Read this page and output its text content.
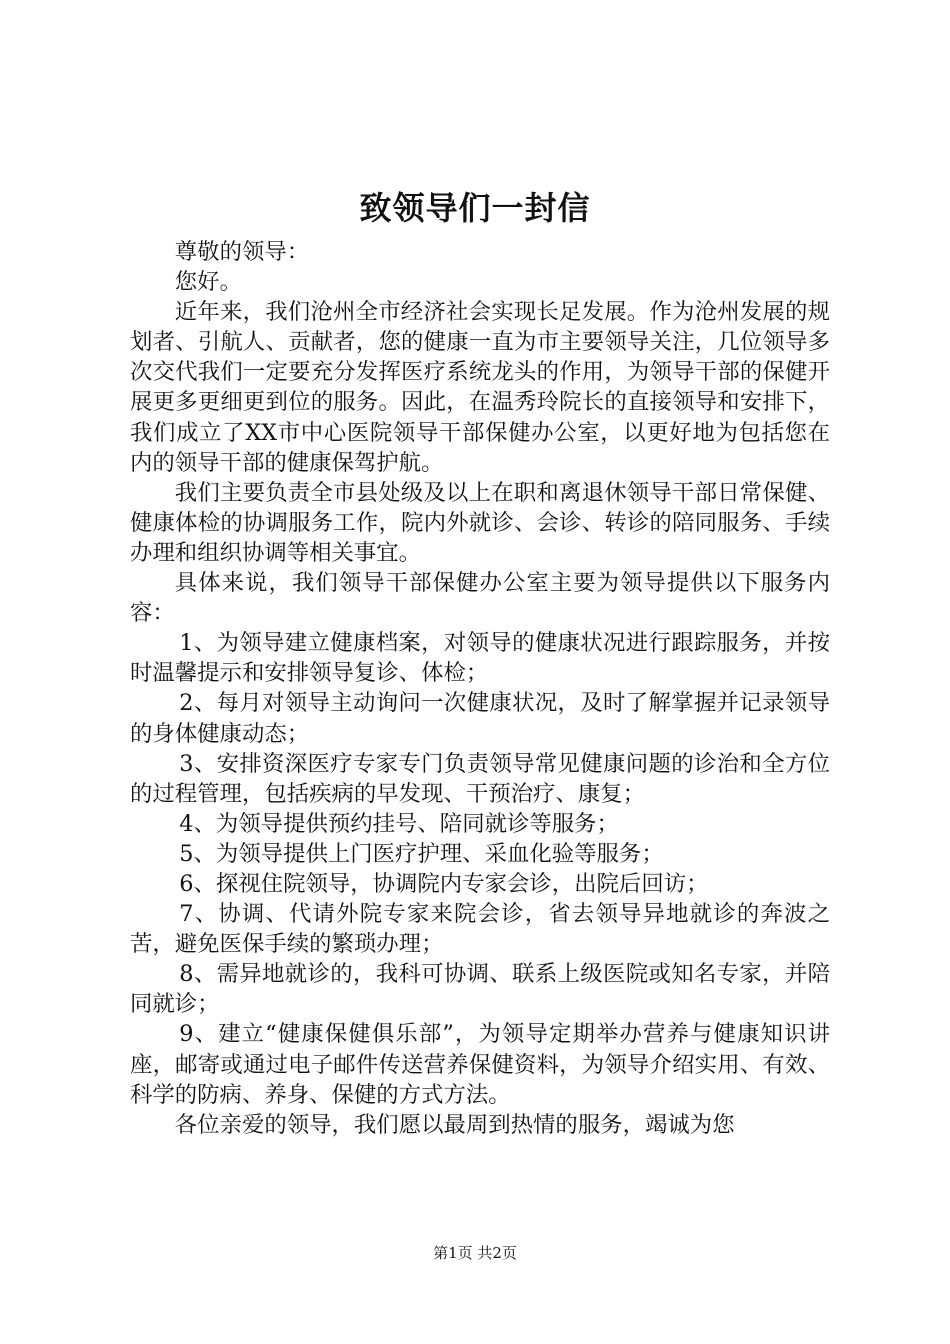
致领导们一封信

尊敬的领导：

您好。

近年来，我们沧州全市经济社会实现长足发展。作为沧州发展的规划者、引航人、贡献者，您的健康一直为市主要领导关注，几位领导多次交代我们一定要充分发挥医疗系统龙头的作用，为领导干部的保健开展更多更细更到位的服务。因此，在温秀玲院长的直接领导和安排下，我们成立了XX市中心医院领导干部保健办公室，以更好地为包括您在内的领导干部的健康保驾护航。

我们主要负责全市县处级及以上在职和离退休领导干部日常保健、健康体检的协调服务工作，院内外就诊、会诊、转诊的陪同服务、手续办理和组织协调等相关事宜。

具体来说，我们领导干部保健办公室主要为领导提供以下服务内容：

1、为领导建立健康档案，对领导的健康状况进行跟踪服务，并按时温馨提示和安排领导复诊、体检；

2、每月对领导主动询问一次健康状况，及时了解掌握并记录领导的身体健康动态；

3、安排资深医疗专家专门负责领导常见健康问题的诊治和全方位的过程管理，包括疾病的早发现、干预治疗、康复；

4、为领导提供预约挂号、陪同就诊等服务；

5、为领导提供上门医疗护理、采血化验等服务；

6、探视住院领导，协调院内专家会诊，出院后回访；

7、协调、代请外院专家来院会诊，省去领导异地就诊的奔波之苦，避免医保手续的繁琐办理；

8、需异地就诊的，我科可协调、联系上级医院或知名专家，并陪同就诊；

9、建立“健康保健俱乐部”，为领导定期举办营养与健康知识讲座，邮寄或通过电子邮件传送营养保健资料，为领导介绍实用、有效、科学的防病、养身、保健的方式方法。

各位亲爱的领导，我们愿以最周到热情的服务，竭诚为您

第1页 共2页
